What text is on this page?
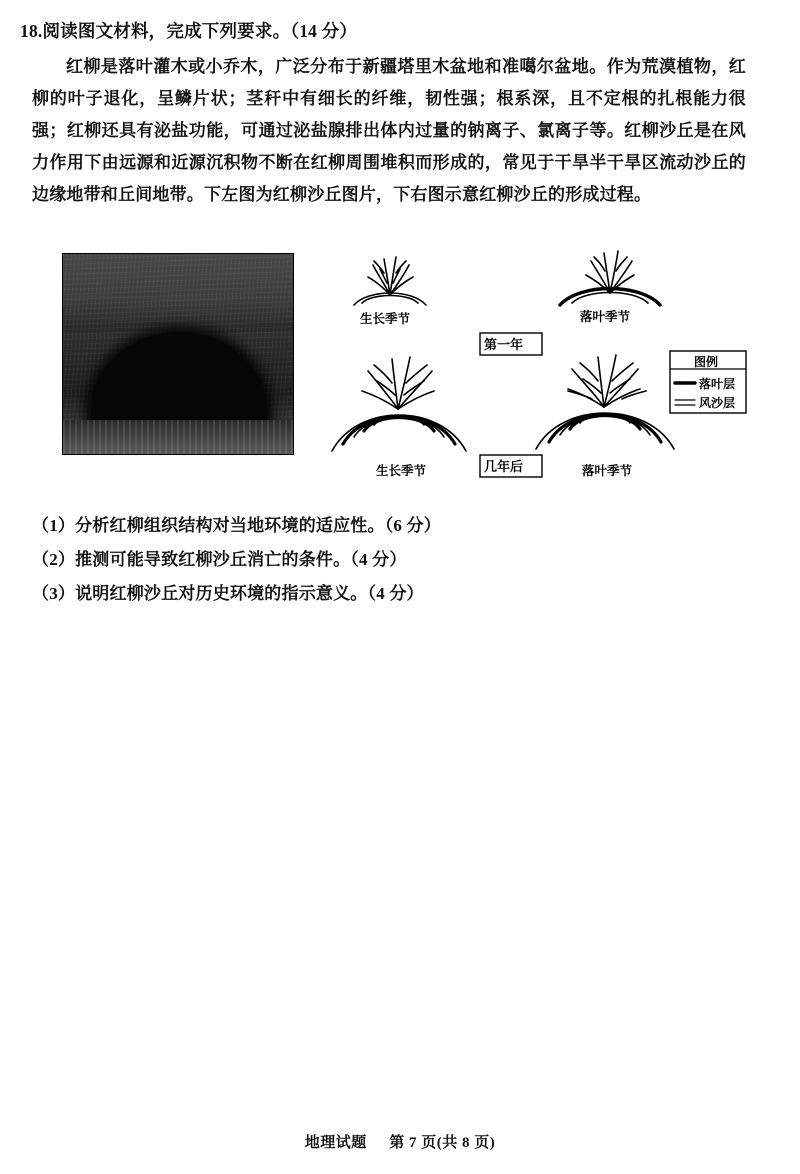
18.阅读图文材料，完成下列要求。（14 分）
红柳是落叶灌木或小乔木，广泛分布于新疆塔里木盆地和准噶尔盆地。作为荒漠植物，红柳的叶子退化，呈鳞片状；茎秆中有细长的纤维，韧性强；根系深，且不定根的扎根能力很强；红柳还具有泌盐功能，可通过泌盐腺排出体内过量的钠离子、氯离子等。红柳沙丘是在风力作用下由远源和近源沉积物不断在红柳周围堆积而形成的，常见于干旱半干旱区流动沙丘的边缘地带和丘间地带。下左图为红柳沙丘图片，下右图示意红柳沙丘的形成过程。
生长季节	落叶季节
第一年
生长季节	落叶季节
几年后
图例
落叶层
风沙层
（1）分析红柳组织结构对当地环境的适应性。（6 分）
（2）推测可能导致红柳沙丘消亡的条件。（4 分）
（3）说明红柳沙丘对历史环境的指示意义。（4 分）
地理试题 第 7 页(共 8 页)
